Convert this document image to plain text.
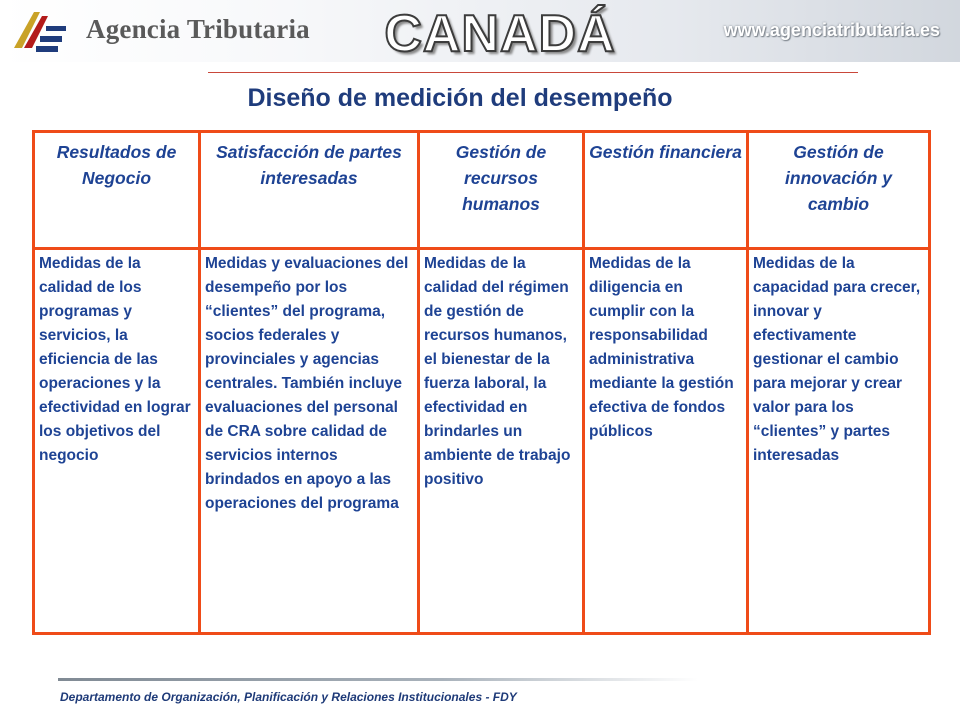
Agencia Tributaria	CANADÁ	www.agenciatributaria.es
Diseño de medición del desempeño
Resultados de Negocio	Satisfacción de partes interesadas	Gestión de recursos humanos	Gestión financiera	Gestión de innovación y cambio
Medidas de la calidad de los programas y servicios, la eficiencia de las operaciones y la efectividad en lograr los objetivos del negocio	Medidas y evaluaciones del desempeño por los “clientes” del programa, socios federales y provinciales y agencias centrales. También incluye evaluaciones del personal de CRA sobre calidad de servicios internos brindados en apoyo a las operaciones del programa	Medidas de la calidad del régimen de gestión de recursos humanos, el bienestar de la fuerza laboral, la efectividad en brindarles un ambiente de trabajo positivo	Medidas de la diligencia en cumplir con la responsabilidad administrativa mediante la gestión efectiva de fondos públicos	Medidas de la capacidad para crecer, innovar y efectivamente gestionar el cambio para mejorar y crear valor para los “clientes” y partes interesadas
Departamento de Organización, Planificación y Relaciones Institucionales - FDY
